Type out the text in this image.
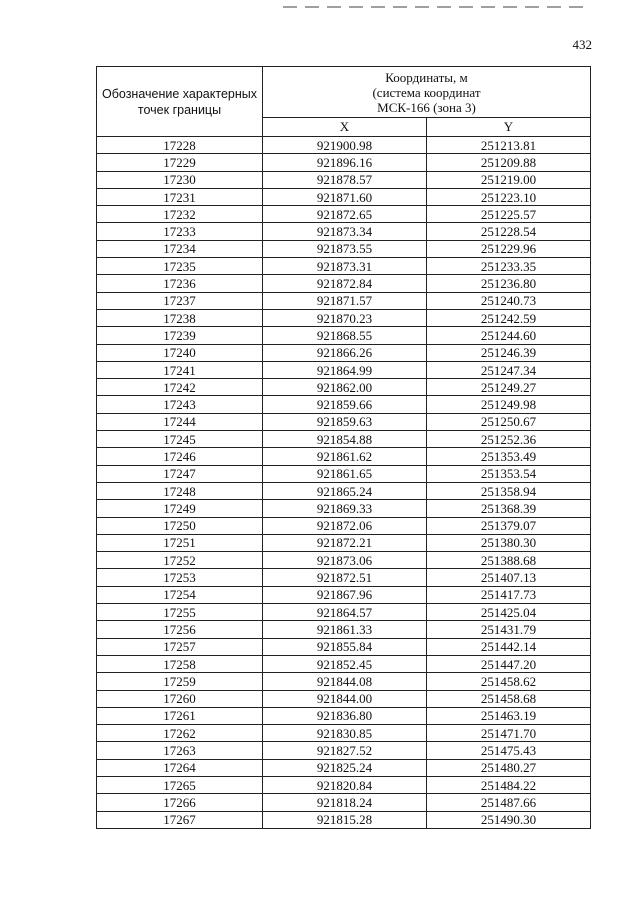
432
Обозначение характерных точек границы	Координаты, м
(система координат
МСК-166 (зона 3)	

	X	Y
17228	921900.98	251213.81
17229	921896.16	251209.88
17230	921878.57	251219.00
17231	921871.60	251223.10
17232	921872.65	251225.57
17233	921873.34	251228.54
17234	921873.55	251229.96
17235	921873.31	251233.35
17236	921872.84	251236.80
17237	921871.57	251240.73
17238	921870.23	251242.59
17239	921868.55	251244.60
17240	921866.26	251246.39
17241	921864.99	251247.34
17242	921862.00	251249.27
17243	921859.66	251249.98
17244	921859.63	251250.67
17245	921854.88	251252.36
17246	921861.62	251353.49
17247	921861.65	251353.54
17248	921865.24	251358.94
17249	921869.33	251368.39
17250	921872.06	251379.07
17251	921872.21	251380.30
17252	921873.06	251388.68
17253	921872.51	251407.13
17254	921867.96	251417.73
17255	921864.57	251425.04
17256	921861.33	251431.79
17257	921855.84	251442.14
17258	921852.45	251447.20
17259	921844.08	251458.62
17260	921844.00	251458.68
17261	921836.80	251463.19
17262	921830.85	251471.70
17263	921827.52	251475.43
17264	921825.24	251480.27
17265	921820.84	251484.22
17266	921818.24	251487.66
17267	921815.28	251490.30
